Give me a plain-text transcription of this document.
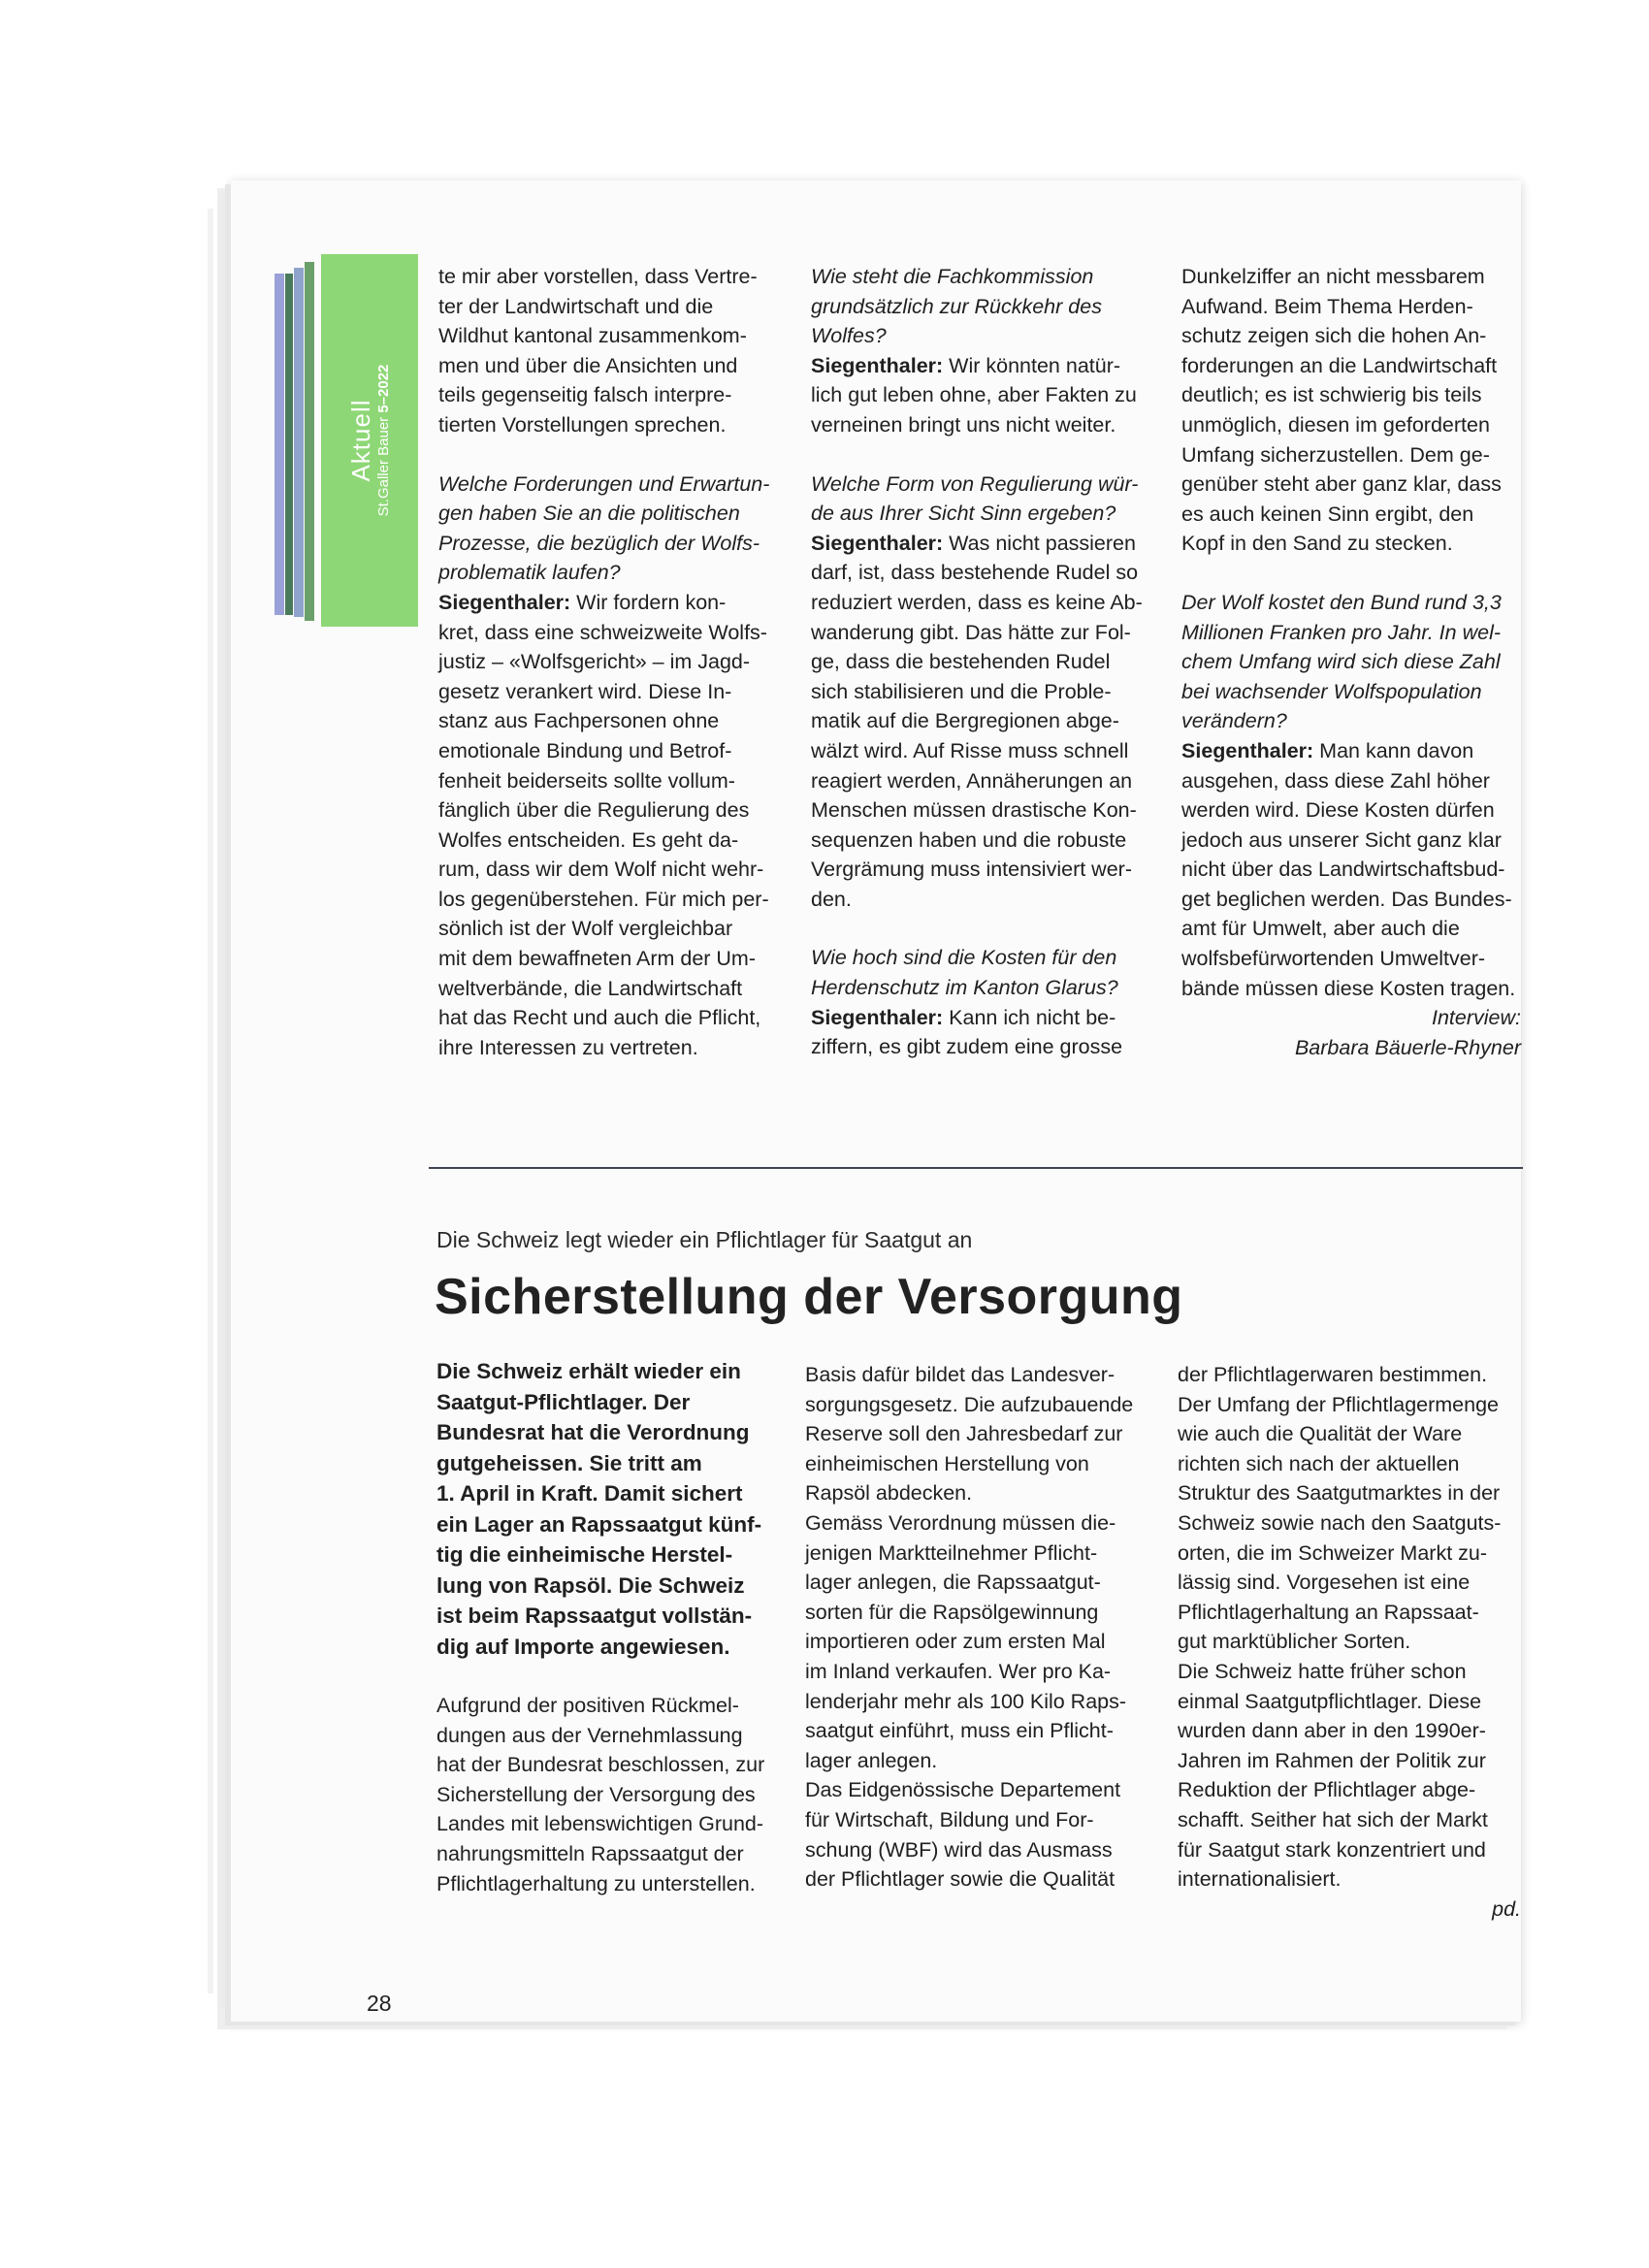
Aktuell St.Galler Bauer 5–2022

te mir aber vorstellen, dass Vertre-
ter der Landwirtschaft und die
Wildhut kantonal zusammenkom-
men und über die Ansichten und
teils gegenseitig falsch interpre-
tierten Vorstellungen sprechen.

Welche Forderungen und Erwartun-
gen haben Sie an die politischen
Prozesse, die bezüglich der Wolfs-
problematik laufen?

Siegenthaler: Wir fordern kon-
kret, dass eine schweizweite Wolfs-
justiz – «Wolfsgericht» – im Jagd-
gesetz verankert wird. Diese In-
stanz aus Fachpersonen ohne
emotionale Bindung und Betrof-
fenheit beiderseits sollte vollum-
fänglich über die Regulierung des
Wolfes entscheiden. Es geht da-
rum, dass wir dem Wolf nicht wehr-
los gegenüberstehen. Für mich per-
sönlich ist der Wolf vergleichbar
mit dem bewaffneten Arm der Um-
weltverbände, die Landwirtschaft
hat das Recht und auch die Pflicht,
ihre Interessen zu vertreten.

Wie steht die Fachkommission
grundsätzlich zur Rückkehr des
Wolfes?

Siegenthaler: Wir könnten natür-
lich gut leben ohne, aber Fakten zu
verneinen bringt uns nicht weiter.

Welche Form von Regulierung wür-
de aus Ihrer Sicht Sinn ergeben?

Siegenthaler: Was nicht passieren
darf, ist, dass bestehende Rudel so
reduziert werden, dass es keine Ab-
wanderung gibt. Das hätte zur Fol-
ge, dass die bestehenden Rudel
sich stabilisieren und die Proble-
matik auf die Bergregionen abge-
wälzt wird. Auf Risse muss schnell
reagiert werden, Annäherungen an
Menschen müssen drastische Kon-
sequenzen haben und die robuste
Vergrämung muss intensiviert wer-
den.

Wie hoch sind die Kosten für den
Herdenschutz im Kanton Glarus?

Siegenthaler: Kann ich nicht be-
ziffern, es gibt zudem eine grosse

Dunkelziffer an nicht messbarem
Aufwand. Beim Thema Herden-
schutz zeigen sich die hohen An-
forderungen an die Landwirtschaft
deutlich; es ist schwierig bis teils
unmöglich, diesen im geforderten
Umfang sicherzustellen. Dem ge-
genüber steht aber ganz klar, dass
es auch keinen Sinn ergibt, den
Kopf in den Sand zu stecken.

Der Wolf kostet den Bund rund 3,3
Millionen Franken pro Jahr. In wel-
chem Umfang wird sich diese Zahl
bei wachsender Wolfspopulation
verändern?

Siegenthaler: Man kann davon
ausgehen, dass diese Zahl höher
werden wird. Diese Kosten dürfen
jedoch aus unserer Sicht ganz klar
nicht über das Landwirtschaftsbud-
get beglichen werden. Das Bundes-
amt für Umwelt, aber auch die
wolfsbefürwortenden Umweltver-
bände müssen diese Kosten tragen.

Interview:
Barbara Bäuerle-Rhyner

Die Schweiz legt wieder ein Pflichtlager für Saatgut an
Sicherstellung der Versorgung

Die Schweiz erhält wieder ein
Saatgut-Pflichtlager. Der
Bundesrat hat die Verordnung
gutgeheissen. Sie tritt am
1. April in Kraft. Damit sichert
ein Lager an Rapssaatgut künf-
tig die einheimische Herstel-
lung von Rapsöl. Die Schweiz
ist beim Rapssaatgut vollstän-
dig auf Importe angewiesen.

Aufgrund der positiven Rückmel-
dungen aus der Vernehmlassung
hat der Bundesrat beschlossen, zur
Sicherstellung der Versorgung des
Landes mit lebenswichtigen Grund-
nahrungsmitteln Rapssaatgut der
Pflichtlagerhaltung zu unterstellen.

Basis dafür bildet das Landesver-
sorgungsgesetz. Die aufzubauende
Reserve soll den Jahresbedarf zur
einheimischen Herstellung von
Rapsöl abdecken.

Gemäss Verordnung müssen die-
jenigen Marktteilnehmer Pflicht-
lager anlegen, die Rapssaatgut-
sorten für die Rapsölgewinnung
importieren oder zum ersten Mal
im Inland verkaufen. Wer pro Ka-
lenderjahr mehr als 100 Kilo Raps-
saatgut einführt, muss ein Pflicht-
lager anlegen.

Das Eidgenössische Departement
für Wirtschaft, Bildung und For-
schung (WBF) wird das Ausmass
der Pflichtlager sowie die Qualität

der Pflichtlagerwaren bestimmen.
Der Umfang der Pflichtlagermenge
wie auch die Qualität der Ware
richten sich nach der aktuellen
Struktur des Saatgutmarktes in der
Schweiz sowie nach den Saatguts-
orten, die im Schweizer Markt zu-
lässig sind. Vorgesehen ist eine
Pflichtlagerhaltung an Rapssaat-
gut marktüblicher Sorten.

Die Schweiz hatte früher schon
einmal Saatgutpflichtlager. Diese
wurden dann aber in den 1990er-
Jahren im Rahmen der Politik zur
Reduktion der Pflichtlager abge-
schafft. Seither hat sich der Markt
für Saatgut stark konzentriert und
internationalisiert.

pd.

28
